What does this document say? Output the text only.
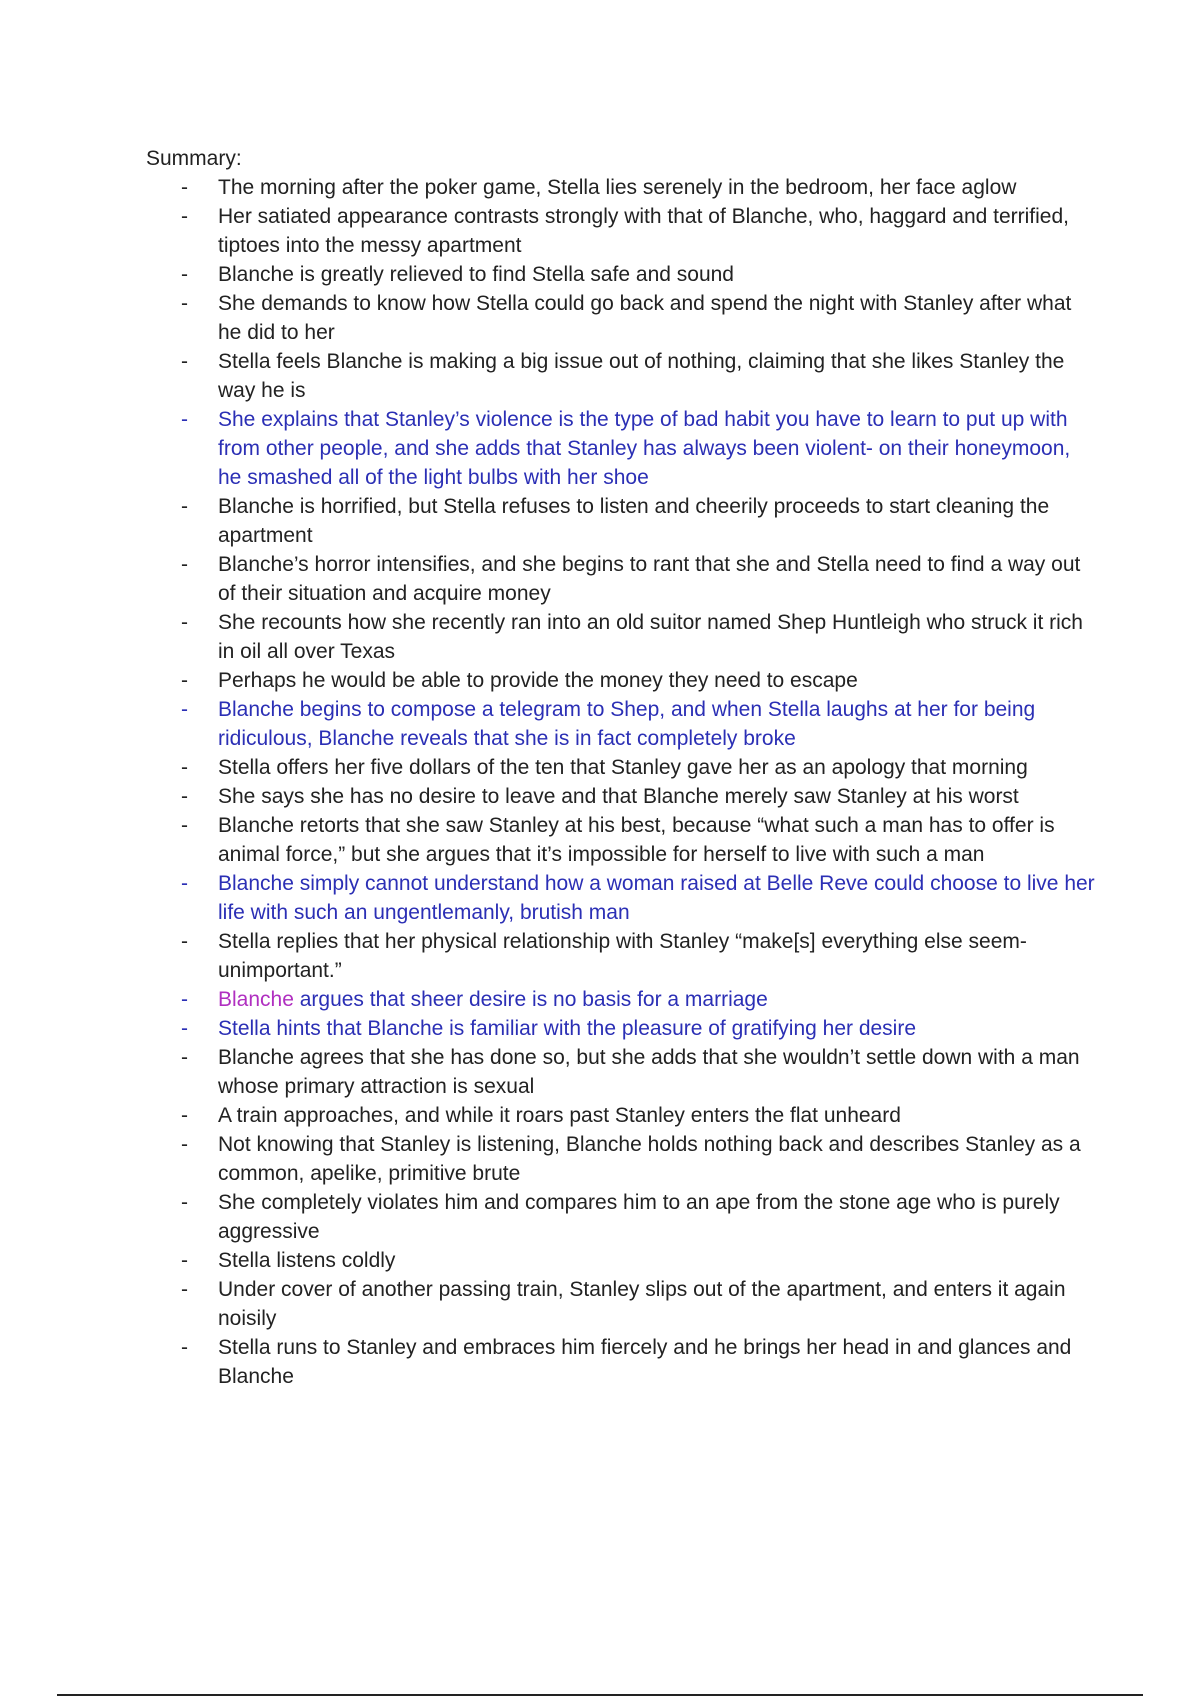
Summary:
-	The morning after the poker game, Stella lies serenely in the bedroom, her face aglow
-	Her satiated appearance contrasts strongly with that of Blanche, who, haggard and terrified, tiptoes into the messy apartment
-	Blanche is greatly relieved to find Stella safe and sound
-	She demands to know how Stella could go back and spend the night with Stanley after what he did to her
-	Stella feels Blanche is making a big issue out of nothing, claiming that she likes Stanley the way he is
-	She explains that Stanley’s violence is the type of bad habit you have to learn to put up with from other people, and she adds that Stanley has always been violent- on their honeymoon, he smashed all of the light bulbs with her shoe
-	Blanche is horrified, but Stella refuses to listen and cheerily proceeds to start cleaning the apartment
-	Blanche’s horror intensifies, and she begins to rant that she and Stella need to find a way out of their situation and acquire money
-	She recounts how she recently ran into an old suitor named Shep Huntleigh who struck it rich in oil all over Texas
-	Perhaps he would be able to provide the money they need to escape
-	Blanche begins to compose a telegram to Shep, and when Stella laughs at her for being ridiculous, Blanche reveals that she is in fact completely broke
-	Stella offers her five dollars of the ten that Stanley gave her as an apology that morning
-	She says she has no desire to leave and that Blanche merely saw Stanley at his worst
-	Blanche retorts that she saw Stanley at his best, because “what such a man has to offer is animal force,” but she argues that it’s impossible for herself to live with such a man
-	Blanche simply cannot understand how a woman raised at Belle Reve could choose to live her life with such an ungentlemanly, brutish man
-	Stella replies that her physical relationship with Stanley “make[s] everything else seem-unimportant.”
-	Blanche argues that sheer desire is no basis for a marriage
-	Stella hints that Blanche is familiar with the pleasure of gratifying her desire
-	Blanche agrees that she has done so, but she adds that she wouldn’t settle down with a man whose primary attraction is sexual
-	A train approaches, and while it roars past Stanley enters the flat unheard
-	Not knowing that Stanley is listening, Blanche holds nothing back and describes Stanley as a common, apelike, primitive brute
-	She completely violates him and compares him to an ape from the stone age who is purely aggressive
-	Stella listens coldly
-	Under cover of another passing train, Stanley slips out of the apartment, and enters it again noisily
-	Stella runs to Stanley and embraces him fiercely and he brings her head in and glances and Blanche
